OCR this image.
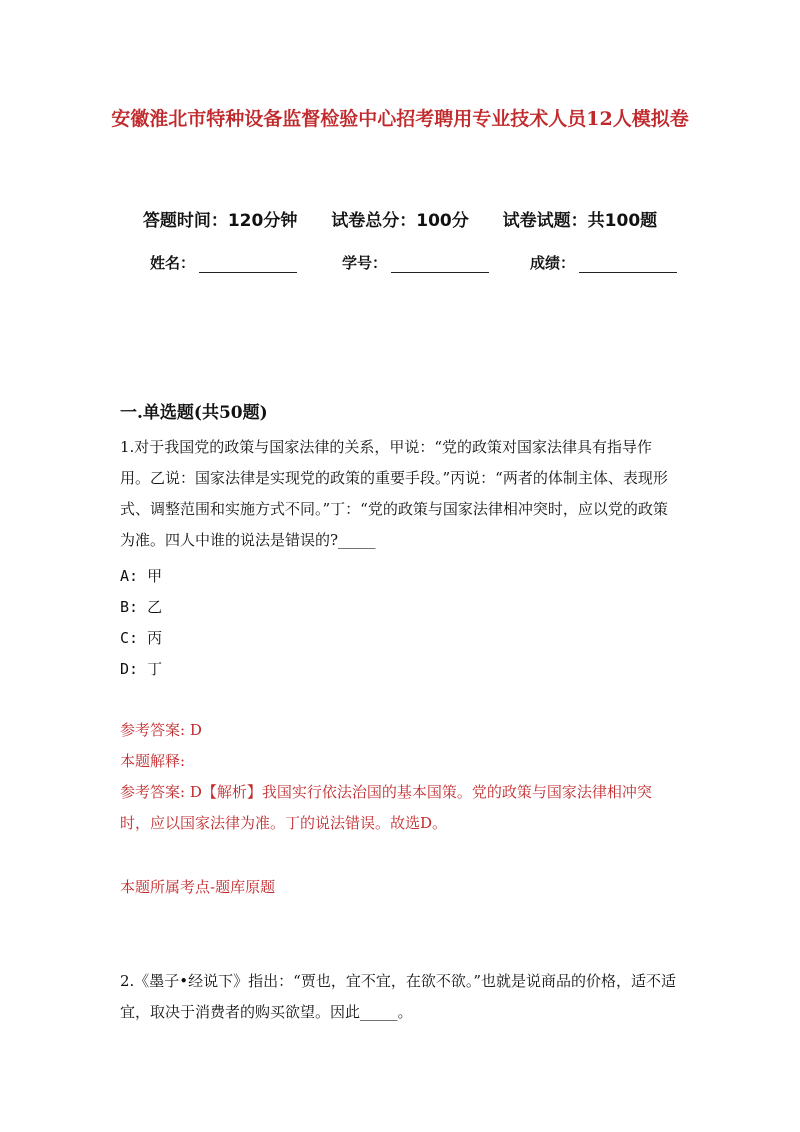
安徽淮北市特种设备监督检验中心招考聘用专业技术人员12人模拟卷
答题时间：120分钟 试卷总分：100分 试卷试题：共100题
姓名：	学号：	成绩：
一.单选题(共50题)
1.对于我国党的政策与国家法律的关系，甲说：“党的政策对国家法律具有指导作用。乙说：国家法律是实现党的政策的重要手段。”丙说：“两者的体制主体、表现形式、调整范围和实施方式不同。”丁：“党的政策与国家法律相冲突时，应以党的政策为准。四人中谁的说法是错误的?_____
A: 甲
B: 乙
C: 丙
D: 丁
参考答案: D
本题解释:
参考答案: D【解析】我国实行依法治国的基本国策。党的政策与国家法律相冲突时，应以国家法律为准。丁的说法错误。故选D。
本题所属考点-题库原题
2.《墨子•经说下》指出：“贾也，宜不宜，在欲不欲。”也就是说商品的价格，适不适宜，取决于消费者的购买欲望。因此_____。
